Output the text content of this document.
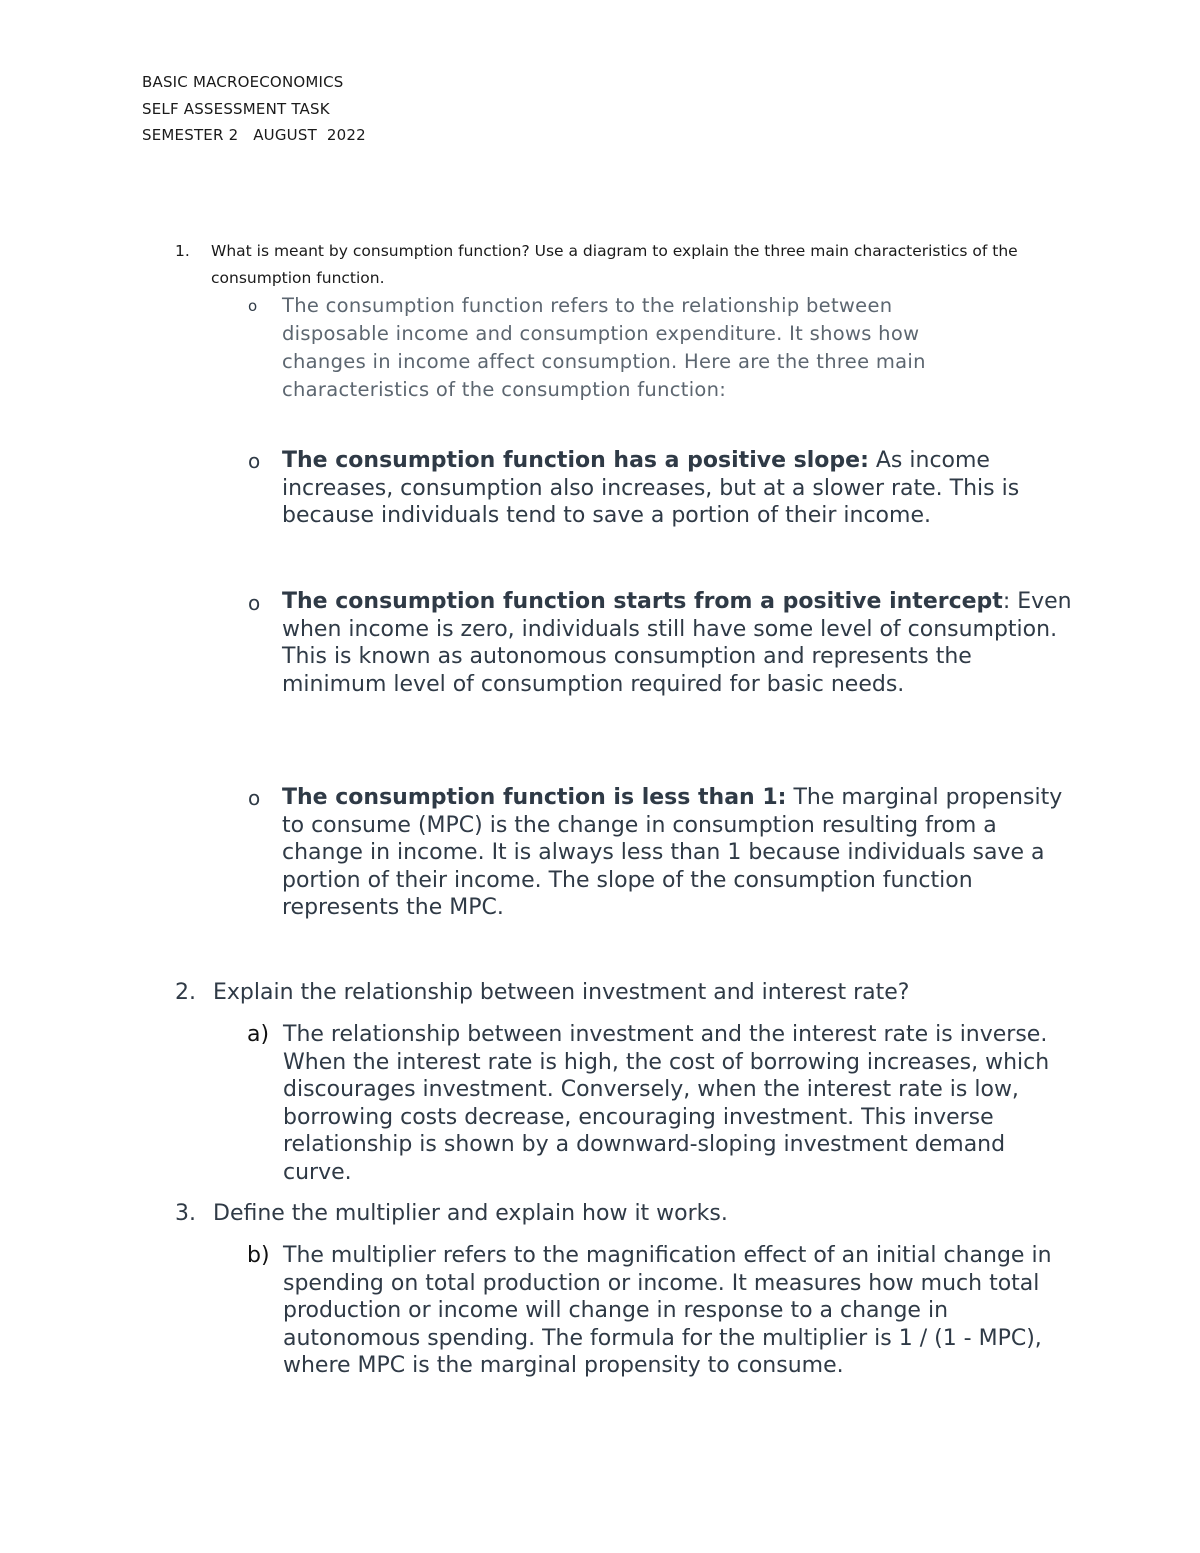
BASIC MACROECONOMICS
SELF ASSESSMENT TASK
SEMESTER 2   AUGUST  2022
1. What is meant by consumption function? Use a diagram to explain the three main characteristics of the consumption function.
o	The consumption function refers to the relationship between disposable income and consumption expenditure. It shows how changes in income affect consumption. Here are the three main characteristics of the consumption function:

o The consumption function has a positive slope: As income increases, consumption also increases, but at a slower rate. This is because individuals tend to save a portion of their income.

o The consumption function starts from a positive intercept: Even when income is zero, individuals still have some level of consumption. This is known as autonomous consumption and represents the minimum level of consumption required for basic needs.

o The consumption function is less than 1: The marginal propensity to consume (MPC) is the change in consumption resulting from a change in income. It is always less than 1 because individuals save a portion of their income. The slope of the consumption function represents the MPC.

2. Explain the relationship between investment and interest rate?
a) The relationship between investment and the interest rate is inverse. When the interest rate is high, the cost of borrowing increases, which discourages investment. Conversely, when the interest rate is low, borrowing costs decrease, encouraging investment. This inverse relationship is shown by a downward-sloping investment demand curve.

3. Define the multiplier and explain how it works.
b) The multiplier refers to the magnification effect of an initial change in spending on total production or income. It measures how much total production or income will change in response to a change in autonomous spending. The formula for the multiplier is 1 / (1 - MPC), where MPC is the marginal propensity to consume.
